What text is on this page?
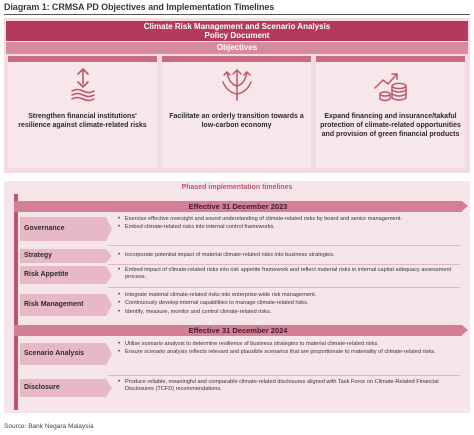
Diagram 1: CRMSA PD Objectives and Implementation Timelines
Climate Risk Management and Scenario Analysis
Policy Document
Objectives
Strengthen financial institutions' resilience against climate-related risks
Facilitate an orderly transition towards a low-carbon economy
Expand financing and insurance/takaful protection of climate-related opportunities and provision of green financial products
Phased implementation timelines
Effective 31 December 2023
Governance
• Exercise effective oversight and sound understanding of climate-related risks by board and senior management.
• Embed climate-related risks into internal control frameworks.
Strategy
•	Incorporate potential impact of material climate-related risks into business strategies.
Risk Appetite
• Embed impact of climate-related risks into risk appetite framework and reflect material risks in internal capital adequacy assessment process.
Risk Management
• Integrate material climate-related risks into enterprise-wide risk management.
• Continuously develop internal capabilities to manage climate-related risks.
• Identify, measure, monitor and control climate-related risks.
Effective 31 December 2024
Scenario Analysis
• Utilise scenario analysis to determine resilience of business strategies to material climate-related risks.
• Ensure scenario analysis reflects relevant and plausible scenarios that are proportionate to materiality of climate-related risks.
Disclosure
• Produce reliable, meaningful and comparable climate-related disclosures aligned with Task Force on Climate-Related Financial Disclosures (TCFD) recommendations.
Source: Bank Negara Malaysia
